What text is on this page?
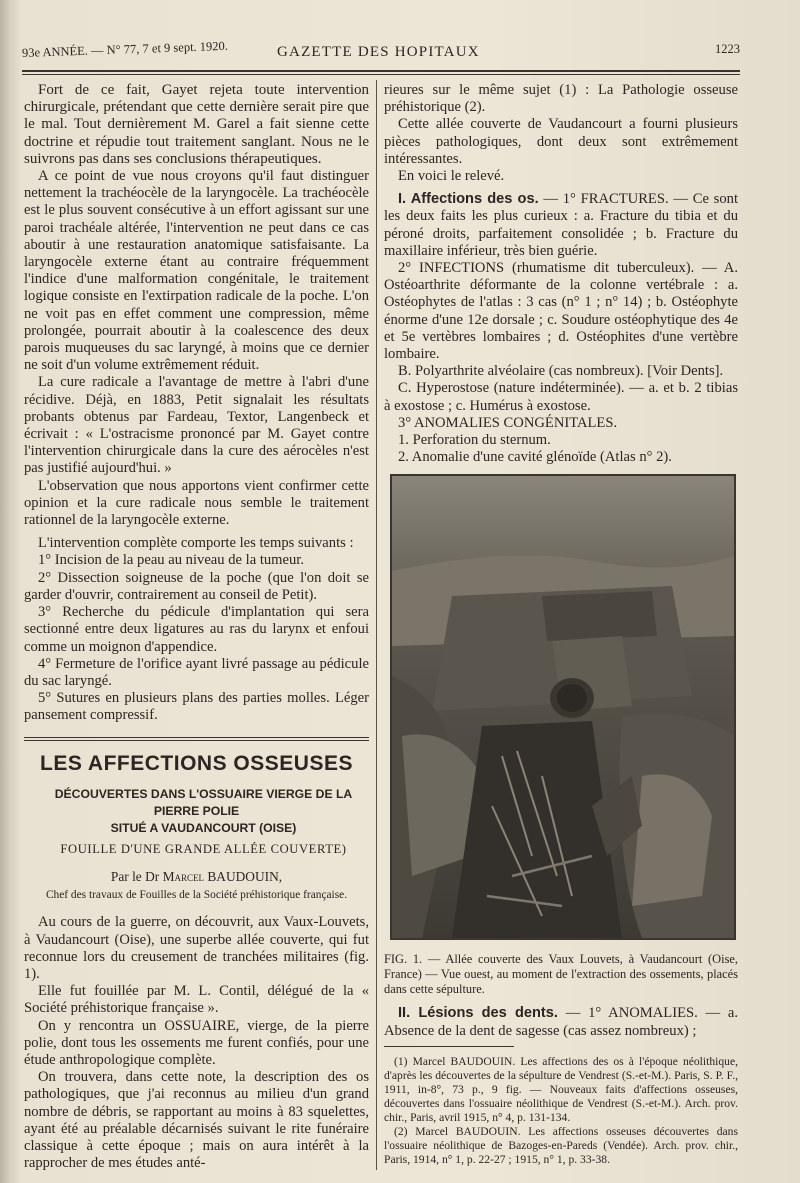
93e ANNÉE. — N° 77, 7 et 9 sept. 1920.	GAZETTE DES HOPITAUX	1223

Fort de ce fait, Gayet rejeta toute intervention chirurgicale, prétendant que cette dernière serait pire que le mal. Tout dernièrement M. Garel a fait sienne cette doctrine et répudie tout traitement sanglant. Nous ne le suivrons pas dans ses conclusions thérapeutiques.

A ce point de vue nous croyons qu'il faut distinguer nettement la trachéocèle de la laryngocèle. La trachéocèle est le plus souvent consécutive à un effort agissant sur une paroi trachéale altérée, l'intervention ne peut dans ce cas aboutir à une restauration anatomique satisfaisante. La laryngocèle externe étant au contraire fréquemment l'indice d'une malformation congénitale, le traitement logique consiste en l'extirpation radicale de la poche. L'on ne voit pas en effet comment une compression, même prolongée, pourrait aboutir à la coalescence des deux parois muqueuses du sac laryngé, à moins que ce dernier ne soit d'un volume extrêmement réduit.

La cure radicale a l'avantage de mettre à l'abri d'une récidive. Déjà, en 1883, Petit signalait les résultats probants obtenus par Fardeau, Textor, Langenbeck et écrivait : « L'ostracisme prononcé par M. Gayet contre l'intervention chirurgicale dans la cure des aérocèles n'est pas justifié aujourd'hui. »

L'observation que nous apportons vient confirmer cette opinion et la cure radicale nous semble le traitement rationnel de la laryngocèle externe.

L'intervention complète comporte les temps suivants :

1° Incision de la peau au niveau de la tumeur.

2° Dissection soigneuse de la poche (que l'on doit se garder d'ouvrir, contrairement au conseil de Petit).

3° Recherche du pédicule d'implantation qui sera sectionné entre deux ligatures au ras du larynx et enfoui comme un moignon d'appendice.

4° Fermeture de l'orifice ayant livré passage au pédicule du sac laryngé.

5° Sutures en plusieurs plans des parties molles. Léger pansement compressif.

LES AFFECTIONS OSSEUSES

DÉCOUVERTES DANS L'OSSUAIRE VIERGE DE LA PIERRE POLIE

SITUÉ A VAUDANCOURT (OISE)

FOUILLE D'UNE GRANDE ALLÉE COUVERTE)

Par le Dr Marcel BAUDOUIN,

Chef des travaux de Fouilles de la Société préhistorique française.

Au cours de la guerre, on découvrit, aux Vaux-Louvets, à Vaudancourt (Oise), une superbe allée couverte, qui fut reconnue lors du creusement de tranchées militaires (fig. 1).

Elle fut fouillée par M. L. Contil, délégué de la « Société préhistorique française ».

On y rencontra un OSSUAIRE, vierge, de la pierre polie, dont tous les ossements me furent confiés, pour une étude anthropologique complète.

On trouvera, dans cette note, la description des os pathologiques, que j'ai reconnus au milieu d'un grand nombre de débris, se rapportant au moins à 83 squelettes, ayant été au préalable décarnisés suivant le rite funéraire classique à cette époque ; mais on aura intérêt à la rapprocher de mes études anté-

rieures sur le même sujet (1) : La Pathologie osseuse préhistorique (2).

Cette allée couverte de Vaudancourt a fourni plusieurs pièces pathologiques, dont deux sont extrêmement intéressantes.

En voici le relevé.

I. Affections des os. — 1° FRACTURES. — Ce sont les deux faits les plus curieux : a. Fracture du tibia et du péroné droits, parfaitement consolidée ; b. Fracture du maxillaire inférieur, très bien guérie.

2° INFECTIONS (rhumatisme dit tuberculeux). — A. Ostéoarthrite déformante de la colonne vertébrale : a. Ostéophytes de l'atlas : 3 cas (n° 1 ; n° 14) ; b. Ostéophyte énorme d'une 12e dorsale ; c. Soudure ostéophytique des 4e et 5e vertèbres lombaires ; d. Ostéophites d'une vertèbre lombaire.

B. Polyarthrite alvéolaire (cas nombreux). [Voir Dents].

C. Hyperostose (nature indéterminée). — a. et b. 2 tibias à exostose ; c. Humérus à exostose.

3° ANOMALIES CONGÉNITALES.

1. Perforation du sternum.

2. Anomalie d'une cavité glénoïde (Atlas n° 2).

FIG. 1. — Allée couverte des Vaux Louvets, à Vaudancourt (Oise, France) — Vue ouest, au moment de l'extraction des ossements, placés dans cette sépulture.

II. Lésions des dents. — 1° ANOMALIES. — a. Absence de la dent de sagesse (cas assez nombreux) ;

(1) Marcel BAUDOUIN. Les affections des os à l'époque néolithique, d'après les découvertes de la sépulture de Vendrest (S.-et-M.). Paris, S. P. F., 1911, in-8°, 73 p., 9 fig. — Nouveaux faits d'affections osseuses, découvertes dans l'ossuaire néolithique de Vendrest (S.-et-M.). Arch. prov. chir., Paris, avril 1915, n° 4, p. 131-134.

(2) Marcel BAUDOUIN. Les affections osseuses découvertes dans l'ossuaire néolithique de Bazoges-en-Pareds (Vendée). Arch. prov. chir., Paris, 1914, n° 1, p. 22-27 ; 1915, n° 1, p. 33-38.
